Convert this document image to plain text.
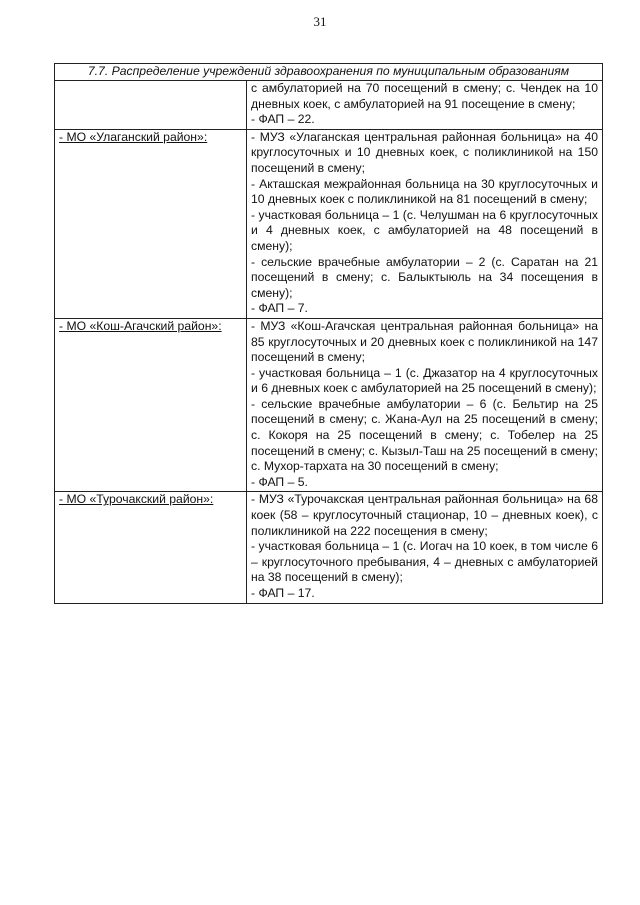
31
7.7. Распределение учреждений здравоохранения по муниципальным образованиям	

	с амбулаторией на 70 посещений в смену; с. Чендек на 10 дневных коек, с амбулаторией на 91 посещение в смену;
- ФАП – 22.

- МО «Улаганский район»:	- МУЗ «Улаганская центральная районная больница» на 40 круглосуточных и 10 дневных коек, с поликлиникой на 150 посещений в смену;
- Акташская межрайонная больница на 30 круглосуточных и 10 дневных коек с поликлиникой на 81 посещений в смену;
- участковая больница – 1 (с. Челушман на 6 круглосуточных и 4 дневных коек, с амбулаторией на 48 посещений в смену);
- сельские врачебные амбулатории – 2 (с. Саратан на 21 посещений в смену; с. Балыктыюль на 34 посещения в смену);
- ФАП – 7.

- МО «Кош-Агачский район»:	- МУЗ «Кош-Агачская центральная районная больница» на 85 круглосуточных и 20 дневных коек с поликлиникой на 147 посещений в смену;
- участковая больница – 1 (с. Джазатор на 4 круглосуточных и 6 дневных коек с амбулаторией на 25 посещений в смену);
- сельские врачебные амбулатории – 6 (с. Бельтир на 25 посещений в смену; с. Жана-Аул на 25 посещений в смену; с. Кокоря на 25 посещений в смену; с. Тобелер на 25 посещений в смену; с. Кызыл-Таш на 25 посещений в смену; с. Мухор-тархата на 30 посещений в смену;
- ФАП – 5.

- МО «Турочакский район»:	- МУЗ «Турочакская центральная районная больница» на 68 коек (58 – круглосуточный стационар, 10 – дневных коек), с поликлиникой на 222 посещения в смену;
- участковая больница – 1 (с. Иогач на 10 коек, в том числе 6 – круглосуточного пребывания, 4 – дневных с амбулаторией на 38 посещений в смену);
- ФАП – 17.
